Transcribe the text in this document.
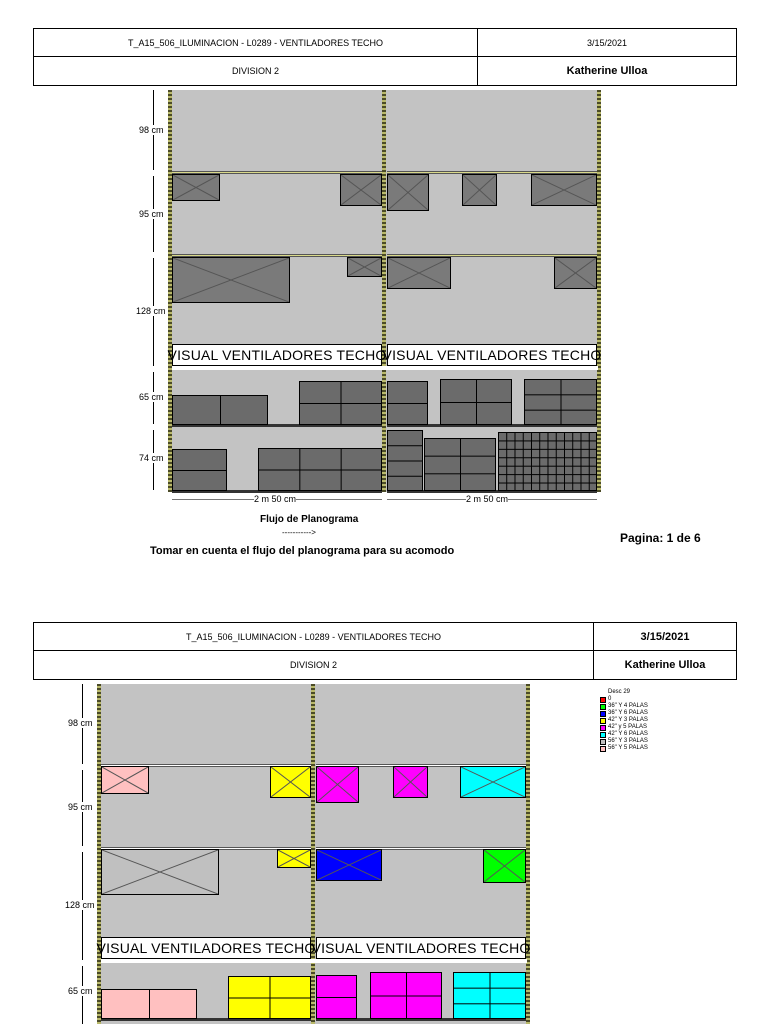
T_A15_506_ILUMINACION - L0289 - VENTILADORES TECHO	3/15/2021
DIVISION 2	Katherine Ulloa
98 cm
95 cm
128 cm
65 cm
74 cm
VISUAL VENTILADORES TECHO
VISUAL VENTILADORES TECHO
2 m 50 cm	2 m 50 cm
Flujo de Planograma
----------->
Tomar en cuenta el flujo del planograma para su acomodo
Pagina: 1 de 6
T_A15_506_ILUMINACION - L0289 - VENTILADORES TECHO	3/15/2021
DIVISION 2	Katherine Ulloa
98 cm
95 cm
128 cm
65 cm
VISUAL VENTILADORES TECHO
VISUAL VENTILADORES TECHO
Desc 29
0
36" Y 4 PALAS
36" Y 6 PALAS
42" Y 3 PALAS
42" y 5 PALAS
42" Y 6 PALAS
56" Y 3 PALAS
56" Y 5 PALAS
